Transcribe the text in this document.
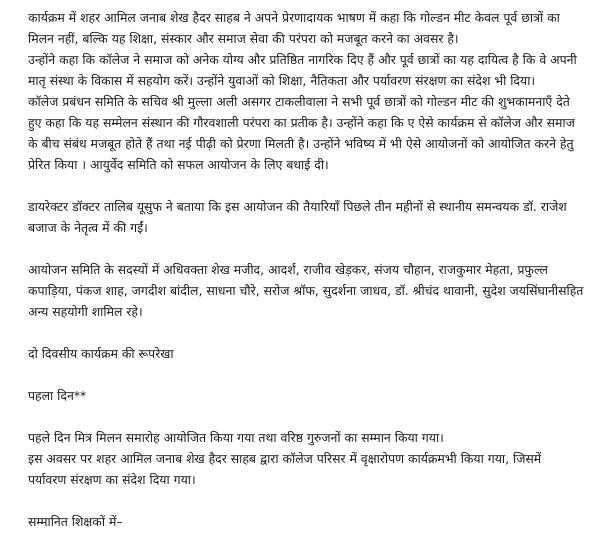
कार्यक्रम में शहर आमिल जनाब शेख हैदर साहब ने अपने प्रेरणादायक भाषण में कहा कि गोल्डन मीट केवल पूर्व छात्रों का
मिलन नहीं, बल्कि यह शिक्षा, संस्कार और समाज सेवा की परंपरा को मजबूत करने का अवसर है।
उन्होंने कहा कि कॉलेज ने समाज को अनेक योग्य और प्रतिष्ठित नागरिक दिए हैं और पूर्व छात्रों का यह दायित्व है कि वे अपनी
मातृ संस्था के विकास में सहयोग करें। उन्होंने युवाओं को शिक्षा, नैतिकता और पर्यावरण संरक्षण का संदेश भी दिया।
कॉलेज प्रबंधन समिति के सचिव श्री मुल्ला अली असगर टाकलीवाला ने सभी पूर्व छात्रों को गोल्डन मीट की शुभकामनाएँ देते
हुए कहा कि यह सम्मेलन संस्थान की गौरवशाली परंपरा का प्रतीक है। उन्होंने कहा कि ए ऐसे कार्यक्रम से कॉलेज और समाज
के बीच संबंध मजबूत होते हैं तथा नई पीढ़ी को प्रेरणा मिलती है। उन्होंने भविष्य में भी ऐसे आयोजनों को आयोजित करने हेतु
प्रेरित किया । आयुर्वेद समिति को सफल आयोजन के लिए बधाई दी।
डायरेक्टर डॉक्टर तालिब यूसुफ ने बताया कि इस आयोजन की तैयारियाँ पिछले तीन महीनों से स्थानीय समन्वयक डॉ. राजेश
बजाज के नेतृत्व में की गईं।
आयोजन समिति के सदस्यों में अधिवक्ता शेख मजीद, आदर्श, राजीव खेड़कर, संजय चौहान, राजकुमार मेहता, प्रफुल्ल
कपाड़िया, पंकज शाह, जगदीश बांदील, साधना चौरे, सरोज श्रॉफ, सुदर्शना जाधव, डॉ. श्रीचंद थावानी, सुदेश जयसिंघानीसहित
अन्य सहयोगी शामिल रहे।
दो दिवसीय कार्यक्रम की रूपरेखा
पहला दिन**
पहले दिन मित्र मिलन समारोह आयोजित किया गया तथा वरिष्ठ गुरुजनों का सम्मान किया गया।
इस अवसर पर शहर आमिल जनाब शेख हैदर साहब द्वारा कॉलेज परिसर में वृक्षारोपण कार्यक्रमभी किया गया, जिसमें
पर्यावरण संरक्षण का संदेश दिया गया।
सम्मानित शिक्षकों में–
